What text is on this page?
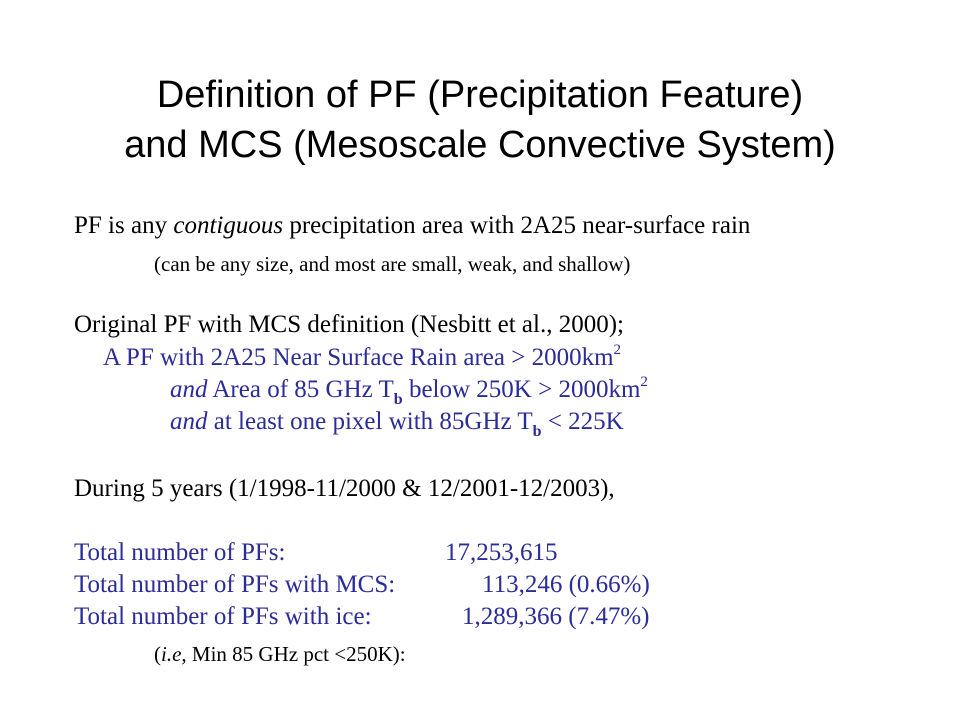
Definition of PF (Precipitation Feature)
and MCS (Mesoscale Convective System)
PF is any contiguous precipitation area with 2A25 near-surface rain
(can be any size, and most are small, weak, and shallow)
Original PF with MCS definition (Nesbitt et al., 2000);
A PF with 2A25 Near Surface Rain area > $2000km^2$
and Area of 85 GHz $T_b$ below $250K > 2000km^2$
and at least one pixel with 85GHz $T_b < 225K$
During 5 years (1/1998-11/2000 & 12/2001-12/2003),
Total number of PFs:	17,253,615
Total number of PFs with MCS:	113,246 (0.66%)
Total number of PFs with ice:	1,289,366 (7.47%)
(i.e, Min 85 GHz pct <250K):
